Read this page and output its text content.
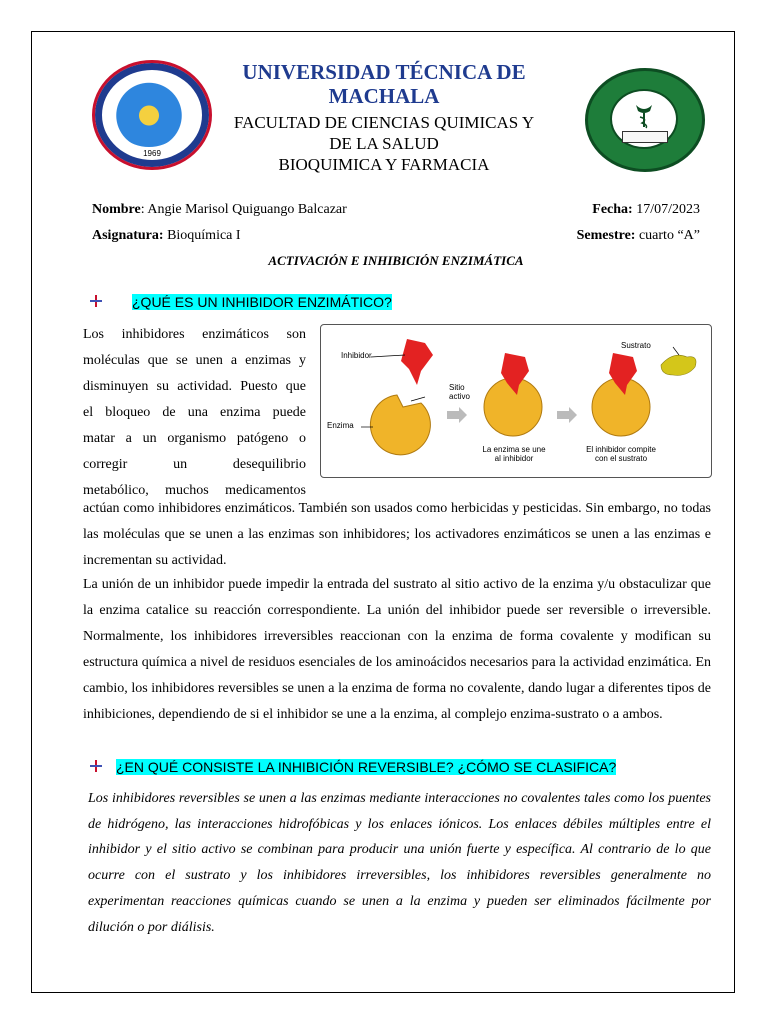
1969
UNIVERSIDAD TÉCNICA DE MACHALA
FACULTAD DE CIENCIAS QUIMICAS Y
DE LA SALUD
BIOQUIMICA Y FARMACIA
Nombre: Angie Marisol Quiguango Balcazar	Fecha: 17/07/2023
Asignatura: Bioquímica I	Semestre: cuarto “A”
ACTIVACIÓN E INHIBICIÓN ENZIMÁTICA
¿QUÉ ES UN INHIBIDOR ENZIMÁTICO?
Los inhibidores enzimáticos son
moléculas que se unen a enzimas y
disminuyen su actividad. Puesto que
el bloqueo de una enzima puede
matar a un organismo patógeno o
corregir un desequilibrio
metabólico, muchos medicamentos
Inhibidor
Sitio
activo
Enzima
Sustrato
La enzima se une
al inhibidor
El inhibidor compite
con el sustrato
actúan como inhibidores enzimáticos. También son usados como herbicidas y pesticidas. Sin embargo, no todas las moléculas que se unen a las enzimas son inhibidores; los activadores enzimáticos se unen a las enzimas e incrementan su actividad.
La unión de un inhibidor puede impedir la entrada del sustrato al sitio activo de la enzima y/u obstaculizar que la enzima catalice su reacción correspondiente. La unión del inhibidor puede ser reversible o irreversible. Normalmente, los inhibidores irreversibles reaccionan con la enzima de forma covalente y modifican su estructura química a nivel de residuos esenciales de los aminoácidos necesarios para la actividad enzimática. En cambio, los inhibidores reversibles se unen a la enzima de forma no covalente, dando lugar a diferentes tipos de inhibiciones, dependiendo de si el inhibidor se une a la enzima, al complejo enzima-sustrato o a ambos.
¿EN QUÉ CONSISTE LA INHIBICIÓN REVERSIBLE? ¿CÓMO SE CLASIFICA?
Los inhibidores reversibles se unen a las enzimas mediante interacciones no covalentes tales como los puentes de hidrógeno, las interacciones hidrofóbicas y los enlaces iónicos. Los enlaces débiles múltiples entre el inhibidor y el sitio activo se combinan para producir una unión fuerte y específica. Al contrario de lo que ocurre con el sustrato y los inhibidores irreversibles, los inhibidores reversibles generalmente no experimentan reacciones químicas cuando se unen a la enzima y pueden ser eliminados fácilmente por dilución o por diálisis.
